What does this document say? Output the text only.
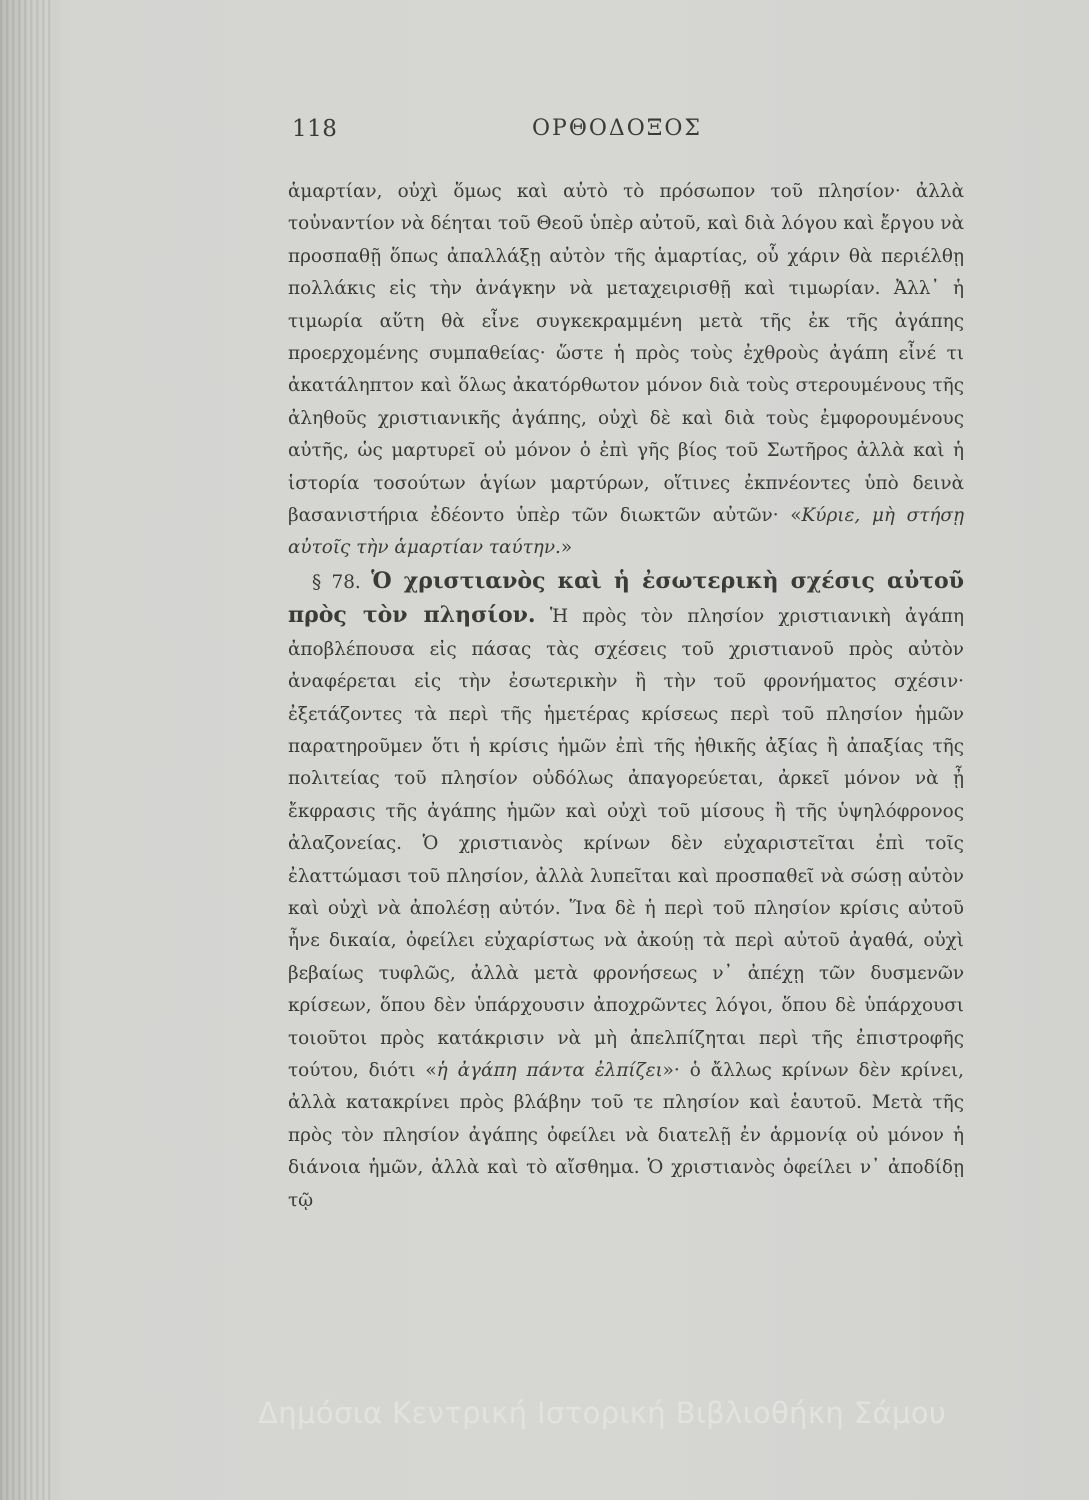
118	ΟΡΘΟΔΟΞΟΣ

ἁμαρτίαν, οὐχὶ ὅμως καὶ αὐτὸ τὸ πρόσωπον τοῦ πλησίον· ἀλλὰ τοὐναντίον νὰ δέηται τοῦ Θεοῦ ὑπὲρ αὐτοῦ, καὶ διὰ λόγου καὶ ἔργου νὰ προσπαθῇ ὅπως ἀπαλλάξῃ αὐτὸν τῆς ἁμαρτίας, οὗ χάριν θὰ περιέλθῃ πολλάκις εἰς τὴν ἀνάγκην νὰ μεταχειρισθῇ καὶ τιμωρίαν. Ἀλλ᾽ ἡ τιμωρία αὕτη θὰ εἶνε συγκεκραμμένη μετὰ τῆς ἐκ τῆς ἀγάπης προερχομένης συμπαθείας· ὥστε ἡ πρὸς τοὺς ἐχθροὺς ἀγάπη εἶνέ τι ἀκατάληπτον καὶ ὅλως ἀκατόρθωτον μόνον διὰ τοὺς στερουμένους τῆς ἀληθοῦς χριστιανικῆς ἀγάπης, οὐχὶ δὲ καὶ διὰ τοὺς ἐμφορουμένους αὐτῆς, ὡς μαρτυρεῖ οὐ μόνον ὁ ἐπὶ γῆς βίος τοῦ Σωτῆρος ἀλλὰ καὶ ἡ ἱστορία τοσούτων ἁγίων μαρτύρων, οἵτινες ἐκπνέοντες ὑπὸ δεινὰ βασανιστήρια ἐδέοντο ὑπὲρ τῶν διωκτῶν αὐτῶν· «Κύριε, μὴ στήσῃ αὐτοῖς τὴν ἁμαρτίαν ταύτην.»

§ 78. Ὁ χριστιανὸς καὶ ἡ ἐσωτερικὴ σχέσις αὐτοῦ πρὸς τὸν πλησίον. Ἡ πρὸς τὸν πλησίον χριστιανικὴ ἀγάπη ἀποβλέπουσα εἰς πάσας τὰς σχέσεις τοῦ χριστιανοῦ πρὸς αὐτὸν ἀναφέρεται εἰς τὴν ἐσωτερικὴν ἢ τὴν τοῦ φρονήματος σχέσιν· ἐξετάζοντες τὰ περὶ τῆς ἡμετέρας κρίσεως περὶ τοῦ πλησίον ἡμῶν παρατηροῦμεν ὅτι ἡ κρίσις ἡμῶν ἐπὶ τῆς ἠθικῆς ἀξίας ἢ ἀπαξίας τῆς πολιτείας τοῦ πλησίον οὐδόλως ἀπαγορεύεται, ἀρκεῖ μόνον νὰ ᾖ ἔκφρασις τῆς ἀγάπης ἡμῶν καὶ οὐχὶ τοῦ μίσους ἢ τῆς ὑψηλόφρονος ἀλαζονείας. Ὁ χριστιανὸς κρίνων δὲν εὐχαριστεῖται ἐπὶ τοῖς ἐλαττώμασι τοῦ πλησίον, ἀλλὰ λυπεῖται καὶ προσπαθεῖ νὰ σώσῃ αὐτὸν καὶ οὐχὶ νὰ ἀπολέσῃ αὐτόν. Ἵνα δὲ ἡ περὶ τοῦ πλησίον κρίσις αὐτοῦ ἦνε δικαία, ὀφείλει εὐχαρίστως νὰ ἀκούῃ τὰ περὶ αὐτοῦ ἀγαθά, οὐχὶ βεβαίως τυφλῶς, ἀλλὰ μετὰ φρονήσεως ν᾽ ἀπέχῃ τῶν δυσμενῶν κρίσεων, ὅπου δὲν ὑπάρχουσιν ἀποχρῶντες λόγοι, ὅπου δὲ ὑπάρχουσι τοιοῦτοι πρὸς κατάκρισιν νὰ μὴ ἀπελπίζηται περὶ τῆς ἐπιστροφῆς τούτου, διότι «ἡ ἀγάπη πάντα ἐλπίζει»· ὁ ἄλλως κρίνων δὲν κρίνει, ἀλλὰ κατακρίνει πρὸς βλάβην τοῦ τε πλησίον καὶ ἑαυτοῦ. Μετὰ τῆς πρὸς τὸν πλησίον ἀγάπης ὀφείλει νὰ διατελῇ ἐν ἁρμονίᾳ οὐ μόνον ἡ διάνοια ἡμῶν, ἀλλὰ καὶ τὸ αἴσθημα. Ὁ χριστιανὸς ὀφείλει ν᾽ ἀποδίδῃ τῷ

Δημόσια Κεντρική Ιστορική Βιβλιοθήκη Σάμου
